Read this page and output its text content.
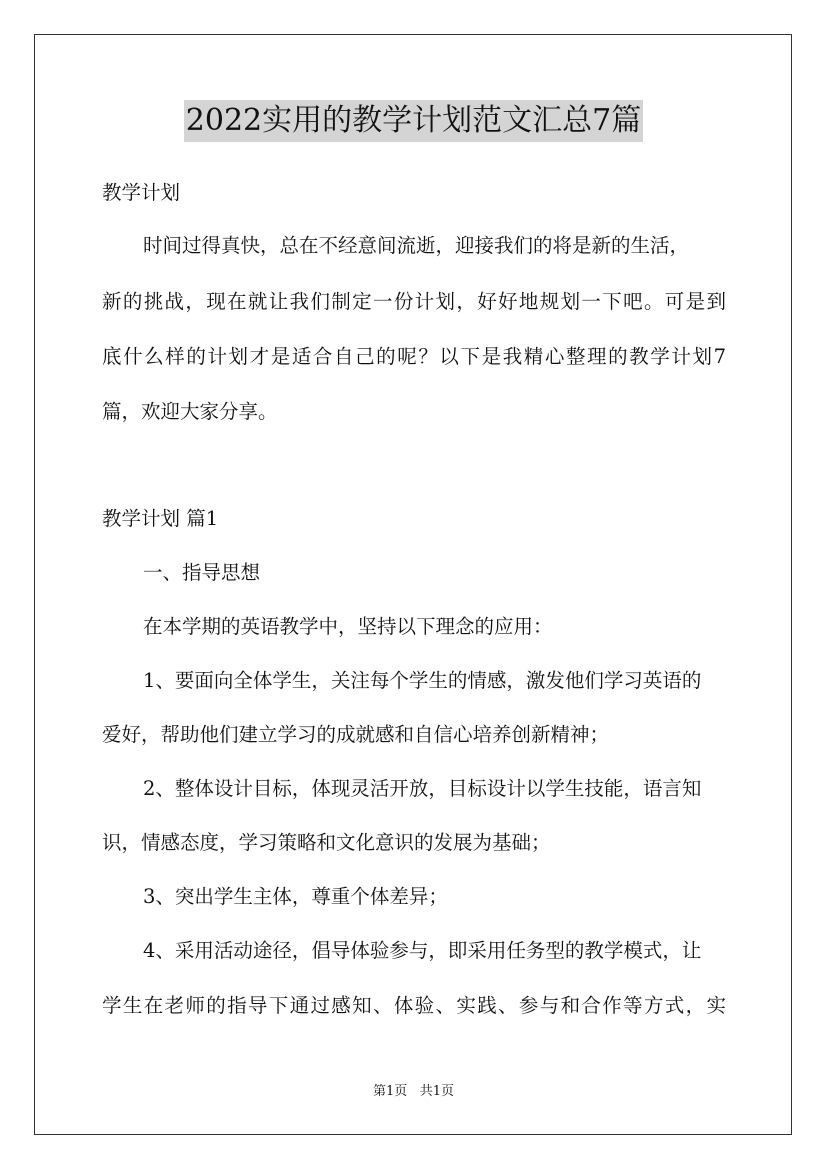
2022实用的教学计划范文汇总7篇
教学计划
时间过得真快，总在不经意间流逝，迎接我们的将是新的生活，
新的挑战，现在就让我们制定一份计划，好好地规划一下吧。可是到
底什么样的计划才是适合自己的呢？以下是我精心整理的教学计划7
篇，欢迎大家分享。
教学计划 篇1
一、指导思想
在本学期的英语教学中，坚持以下理念的应用：
1、要面向全体学生，关注每个学生的情感，激发他们学习英语的
爱好，帮助他们建立学习的成就感和自信心培养创新精神；
2、整体设计目标，体现灵活开放，目标设计以学生技能，语言知
识，情感态度，学习策略和文化意识的发展为基础；
3、突出学生主体，尊重个体差异；
4、采用活动途径，倡导体验参与，即采用任务型的教学模式，让
学生在老师的指导下通过感知、体验、实践、参与和合作等方式，实
第1页 共1页
